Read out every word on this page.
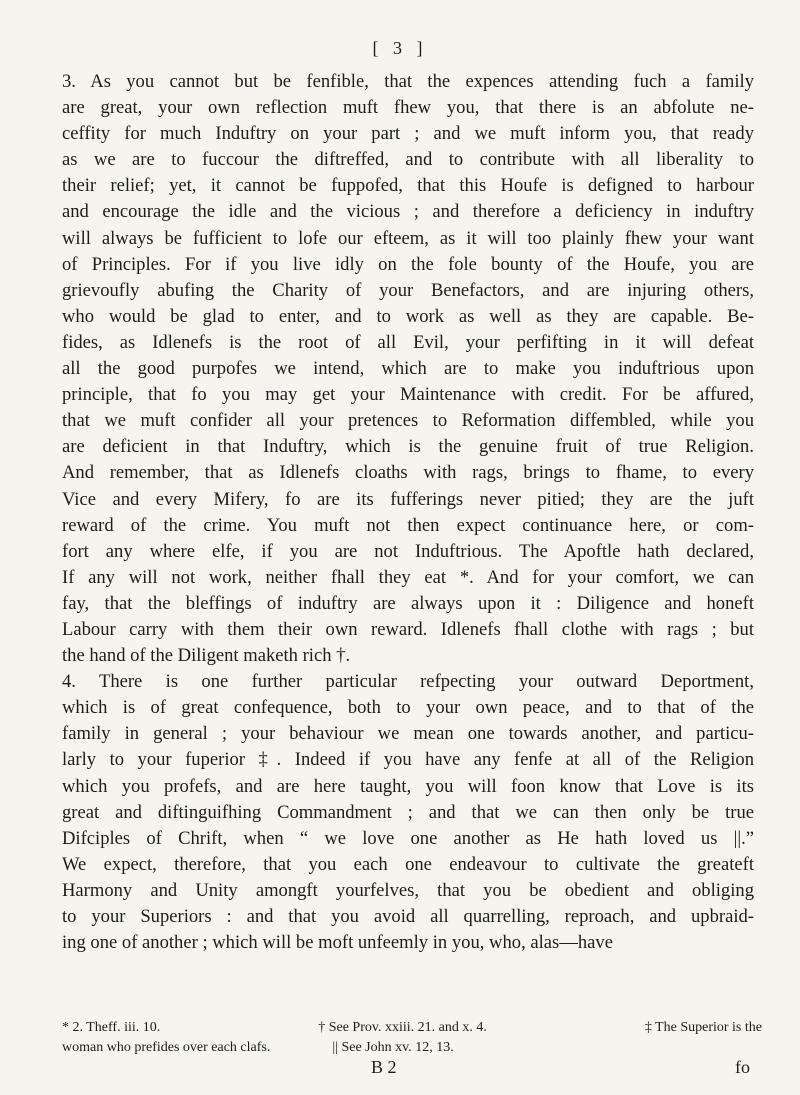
[ 3 ]
3. As you cannot but be fenfible, that the expences attending fuch a family
are great, your own reflection muft fhew you, that there is an abfolute ne-
ceffity for much Induftry on your part ; and we muft inform you, that ready
as we are to fuccour the diftreffed, and to contribute with all liberality to
their relief; yet, it cannot be fuppofed, that this Houfe is defigned to harbour
and encourage the idle and the vicious ; and therefore a deficiency in induftry
will always be fufficient to lofe our efteem, as it will too plainly fhew your want
of Principles. For if you live idly on the fole bounty of the Houfe, you are
grievoufly abufing the Charity of your Benefactors, and are injuring others,
who would be glad to enter, and to work as well as they are capable. Be-
fides, as Idlenefs is the root of all Evil, your perfifting in it will defeat
all the good purpofes we intend, which are to make you induftrious upon
principle, that fo you may get your Maintenance with credit. For be affured,
that we muft confider all your pretences to Reformation diffembled, while you
are deficient in that Induftry, which is the genuine fruit of true Religion.
And remember, that as Idlenefs cloaths with rags, brings to fhame, to every
Vice and every Mifery, fo are its fufferings never pitied; they are the juft
reward of the crime. You muft not then expect continuance here, or com-
fort any where elfe, if you are not Induftrious. The Apoftle hath declared,
If any will not work, neither fhall they eat *. And for your comfort, we can
fay, that the bleffings of induftry are always upon it : Diligence and honeft
Labour carry with them their own reward. Idlenefs fhall clothe with rags ; but
the hand of the Diligent maketh rich †.
4. There is one further particular refpecting your outward Deportment,
which is of great confequence, both to your own peace, and to that of the
family in general ; your behaviour we mean one towards another, and particu-
larly to your fuperior ‡. Indeed if you have any fenfe at all of the Religion
which you profefs, and are here taught, you will foon know that Love is its
great and diftinguifhing Commandment ; and that we can then only be true
Difciples of Chrift, when “ we love one another as He hath loved us ||.”
We expect, therefore, that you each one endeavour to cultivate the greateft
Harmony and Unity amongft yourfelves, that you be obedient and obliging
to your Superiors : and that you avoid all quarrelling, reproach, and upbraid-
ing one of another ; which will be moft unfeemly in you, who, alas—have
* 2. Theff. iii. 10.	† See Prov. xxiii. 21. and x. 4.	‡ The Superior is the
woman who prefides over each clafs.	|| See John xv. 12, 13.
B 2	fo
